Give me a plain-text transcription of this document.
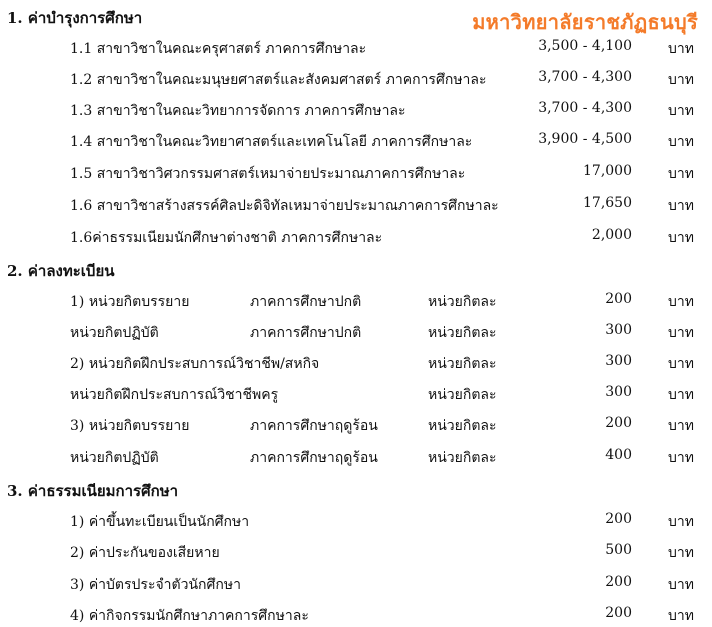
มหาวิทยาลัยราชภัฏธนบุรี
1. ค่าบำรุงการศึกษา
1.1 สาขาวิชาในคณะครุศาสตร์ ภาคการศึกษาละ	3,500 - 4,100	บาท
1.2 สาขาวิชาในคณะมนุษยศาสตร์และสังคมศาสตร์ ภาคการศึกษาละ	3,700 - 4,300	บาท
1.3 สาขาวิชาในคณะวิทยาการจัดการ ภาคการศึกษาละ	3,700 - 4,300	บาท
1.4 สาขาวิชาในคณะวิทยาศาสตร์และเทคโนโลยี ภาคการศึกษาละ	3,900 - 4,500	บาท
1.5 สาขาวิชาวิศวกรรมศาสตร์เหมาจ่ายประมาณภาคการศึกษาละ	17,000	บาท
1.6 สาขาวิชาสร้างสรรค์ศิลปะดิจิทัลเหมาจ่ายประมาณภาคการศึกษาละ	17,650	บาท
1.6ค่าธรรมเนียมนักศึกษาต่างชาติ ภาคการศึกษาละ	2,000	บาท
2. ค่าลงทะเบียน
1) หน่วยกิตบรรยาย	ภาคการศึกษาปกติ	หน่วยกิตละ	200	บาท
หน่วยกิตปฏิบัติ	ภาคการศึกษาปกติ	หน่วยกิตละ	300	บาท
2) หน่วยกิตฝึกประสบการณ์วิชาชีพ/สหกิจ	หน่วยกิตละ	300	บาท
หน่วยกิตฝึกประสบการณ์วิชาชีพครู	หน่วยกิตละ	300	บาท
3) หน่วยกิตบรรยาย	ภาคการศึกษาฤดูร้อน	หน่วยกิตละ	200	บาท
หน่วยกิตปฏิบัติ	ภาคการศึกษาฤดูร้อน	หน่วยกิตละ	400	บาท
3. ค่าธรรมเนียมการศึกษา
1) ค่าขึ้นทะเบียนเป็นนักศึกษา	200	บาท
2) ค่าประกันของเสียหาย	500	บาท
3) ค่าบัตรประจำตัวนักศึกษา	200	บาท
4) ค่ากิจกรรมนักศึกษาภาคการศึกษาละ	200	บาท
